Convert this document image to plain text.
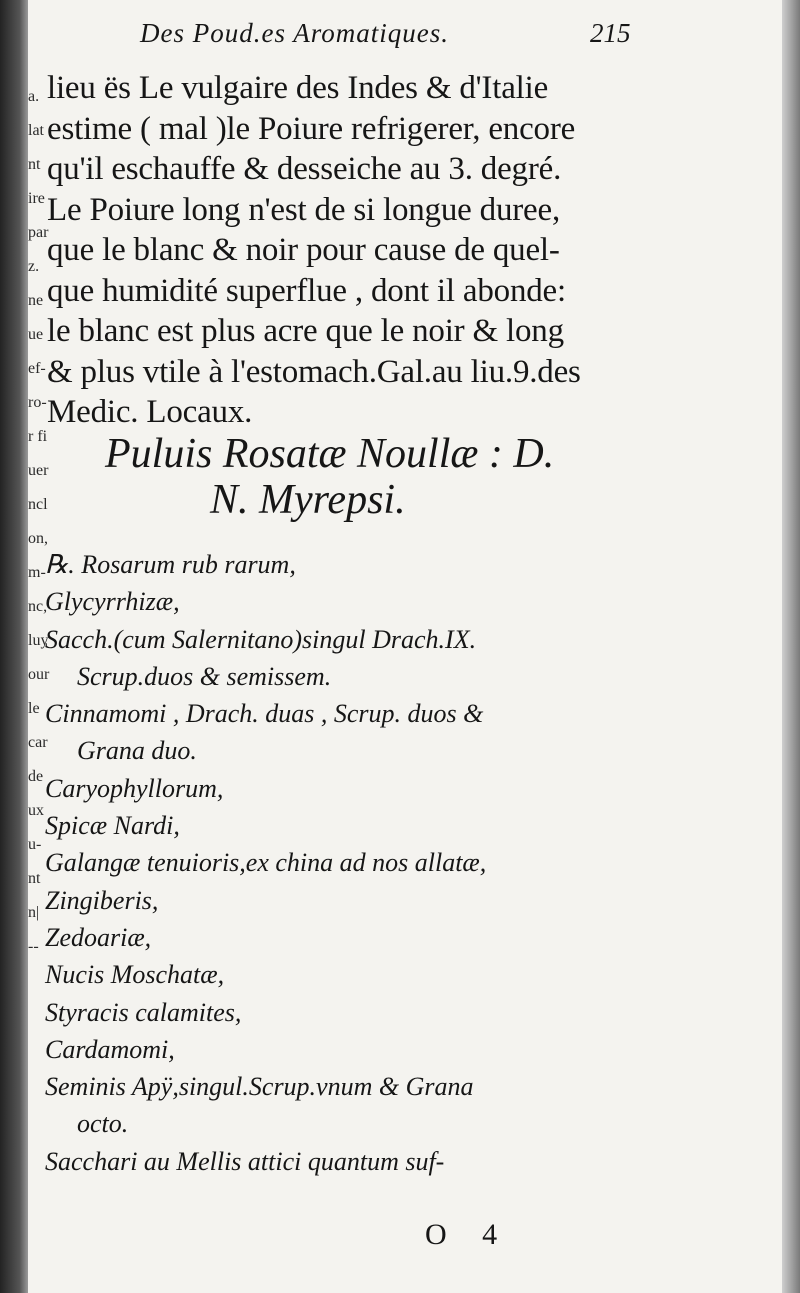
a.
lat
nt
ire
par
z.
ne
ue
ef-
ro-
r fi
uer
ncl
on,
m-
nc,
luy
our
le
car
de
ux
u-
nt
n|
--
Des Poud.es Aromatiques.	215
lieu ës Le vulgaire des Indes & d'Italie
estime ( mal )le Poiure refrigerer, encore
qu'il eschauffe & desseiche au 3. degré.
Le Poiure long n'est de si longue duree,
que le blanc & noir pour cause de quel-
que humidité superflue , dont il abonde:
le blanc est plus acre que le noir & long
& plus vtile à l'estomach.Gal.au liu.9.des
Medic. Locaux.
Puluis Rosatæ Noullæ : D.
N. Myrepsi.
℞. Rosarum rub rarum,
Glycyrrhizæ,
Sacch.(cum Salernitano)singul Drach.IX.
Scrup.duos & semissem.
Cinnamomi , Drach. duas , Scrup. duos &
Grana duo.
Caryophyllorum,
Spicæ Nardi,
Galangæ tenuioris,ex china ad nos allatæ,
Zingiberis,
Zedoariæ,
Nucis Moschatæ,
Styracis calamites,
Cardamomi,
Seminis Apÿ,singul.Scrup.vnum & Grana
octo.
Sacchari au Mellis attici quantum suf-
O 4
